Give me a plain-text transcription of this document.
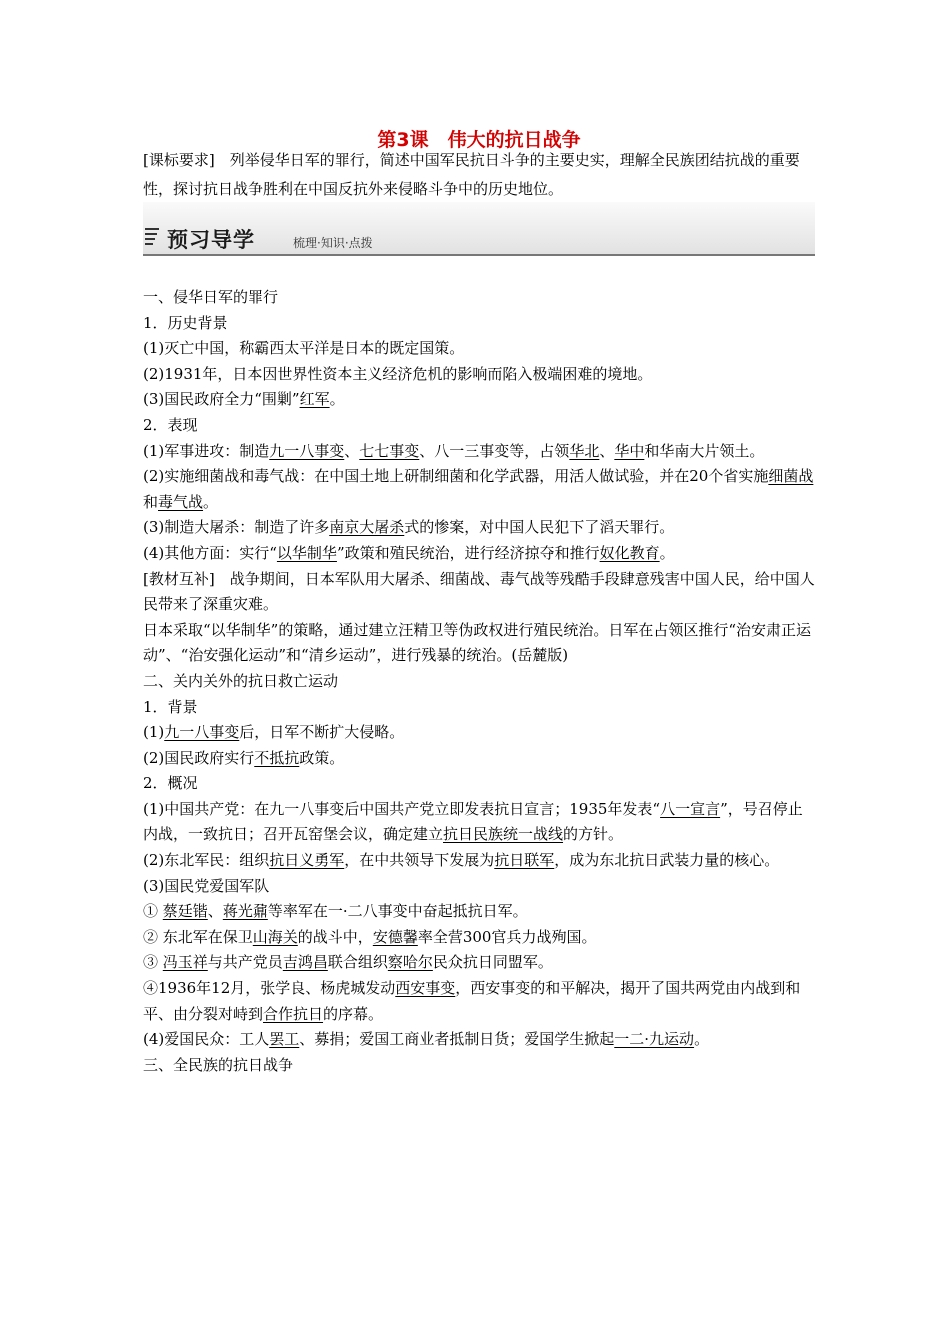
第3课　伟大的抗日战争

[课标要求]　列举侵华日军的罪行，简述中国军民抗日斗争的主要史实，理解全民族团结抗战的重要性，探讨抗日战争胜利在中国反抗外来侵略斗争中的历史地位。

预习导学	梳理·知识·点拨

一、侵华日军的罪行

1．历史背景

(1)灭亡中国，称霸西太平洋是日本的既定国策。

(2)1931年，日本因世界性资本主义经济危机的影响而陷入极端困难的境地。

(3)国民政府全力“围剿”红军。

2．表现

(1)军事进攻：制造九一八事变、七七事变、八一三事变等，占领华北、华中和华南大片领土。

(2)实施细菌战和毒气战：在中国土地上研制细菌和化学武器，用活人做试验，并在20个省实施细菌战和毒气战。

(3)制造大屠杀：制造了许多南京大屠杀式的惨案，对中国人民犯下了滔天罪行。

(4)其他方面：实行“以华制华”政策和殖民统治，进行经济掠夺和推行奴化教育。

[教材互补]　战争期间，日本军队用大屠杀、细菌战、毒气战等残酷手段肆意残害中国人民，给中国人民带来了深重灾难。

日本采取“以华制华”的策略，通过建立汪精卫等伪政权进行殖民统治。日军在占领区推行“治安肃正运动”、“治安强化运动”和“清乡运动”，进行残暴的统治。(岳麓版)

二、关内关外的抗日救亡运动

1．背景

(1)九一八事变后，日军不断扩大侵略。

(2)国民政府实行不抵抗政策。

2．概况

(1)中国共产党：在九一八事变后中国共产党立即发表抗日宣言；1935年发表“八一宣言”，号召停止内战，一致抗日；召开瓦窑堡会议，确定建立抗日民族统一战线的方针。

(2)东北军民：组织抗日义勇军，在中共领导下发展为抗日联军，成为东北抗日武装力量的核心。

(3)国民党爱国军队

① 蔡廷锴、蒋光鼐等率军在一·二八事变中奋起抵抗日军。

② 东北军在保卫山海关的战斗中，安德馨率全营300官兵力战殉国。

③ 冯玉祥与共产党员吉鸿昌联合组织察哈尔民众抗日同盟军。

④1936年12月，张学良、杨虎城发动西安事变，西安事变的和平解决，揭开了国共两党由内战到和平、由分裂对峙到合作抗日的序幕。

(4)爱国民众：工人罢工、募捐；爱国工商业者抵制日货；爱国学生掀起一二·九运动。

三、全民族的抗日战争
